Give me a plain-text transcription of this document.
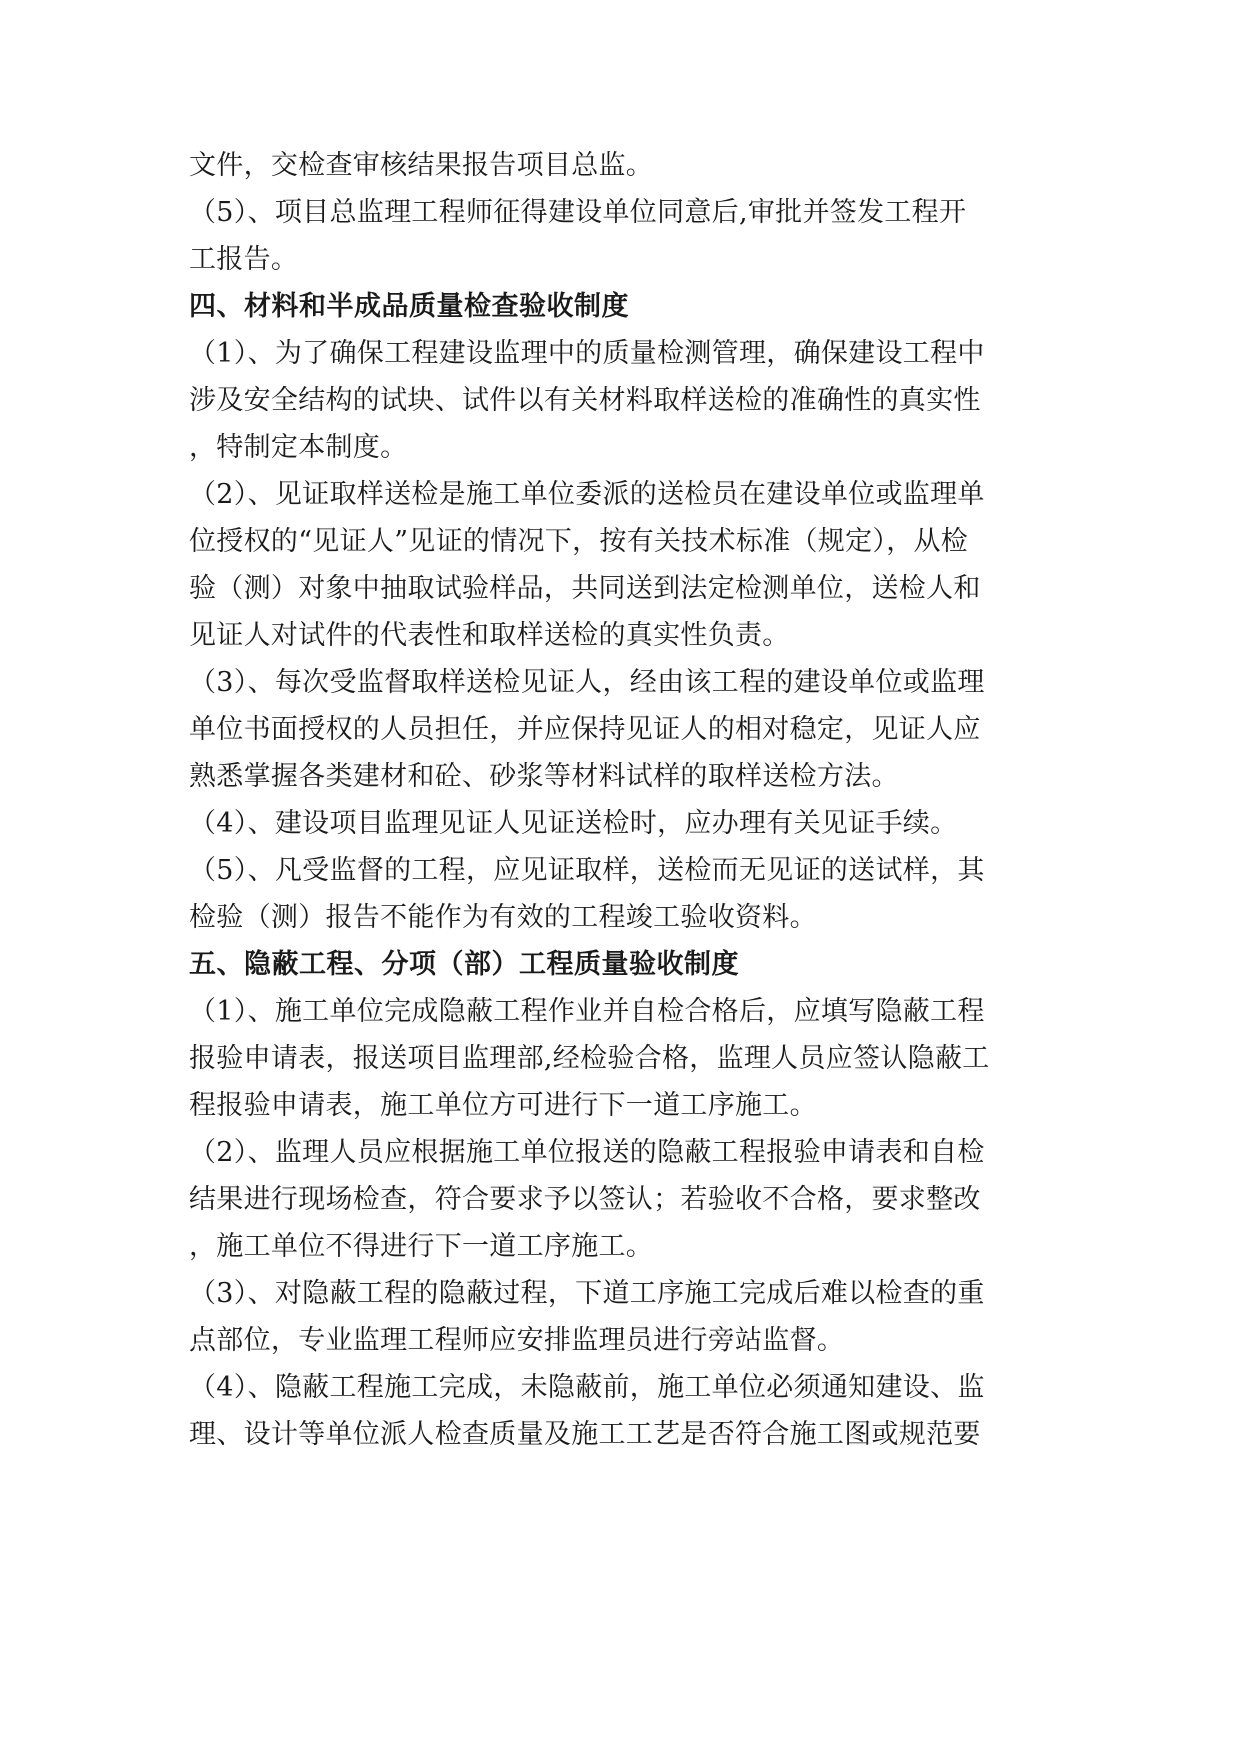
文件，交检查审核结果报告项目总监。
（5）、项目总监理工程师征得建设单位同意后,审批并签发工程开
工报告。
四、材料和半成品质量检查验收制度
（1）、为了确保工程建设监理中的质量检测管理，确保建设工程中
涉及安全结构的试块、试件以有关材料取样送检的准确性的真实性
，特制定本制度。
（2）、见证取样送检是施工单位委派的送检员在建设单位或监理单
位授权的“见证人”见证的情况下，按有关技术标准（规定），从检
验（测）对象中抽取试验样品，共同送到法定检测单位，送检人和
见证人对试件的代表性和取样送检的真实性负责。
（3）、每次受监督取样送检见证人，经由该工程的建设单位或监理
单位书面授权的人员担任，并应保持见证人的相对稳定，见证人应
熟悉掌握各类建材和砼、砂浆等材料试样的取样送检方法。
（4）、建设项目监理见证人见证送检时，应办理有关见证手续。
（5）、凡受监督的工程，应见证取样，送检而无见证的送试样，其
检验（测）报告不能作为有效的工程竣工验收资料。
五、隐蔽工程、分项（部）工程质量验收制度
（1）、施工单位完成隐蔽工程作业并自检合格后，应填写隐蔽工程
报验申请表，报送项目监理部,经检验合格，监理人员应签认隐蔽工
程报验申请表，施工单位方可进行下一道工序施工。
（2）、监理人员应根据施工单位报送的隐蔽工程报验申请表和自检
结果进行现场检查，符合要求予以签认；若验收不合格，要求整改
，施工单位不得进行下一道工序施工。
（3）、对隐蔽工程的隐蔽过程，下道工序施工完成后难以检查的重
点部位，专业监理工程师应安排监理员进行旁站监督。
（4）、隐蔽工程施工完成，未隐蔽前，施工单位必须通知建设、监
理、设计等单位派人检查质量及施工工艺是否符合施工图或规范要
